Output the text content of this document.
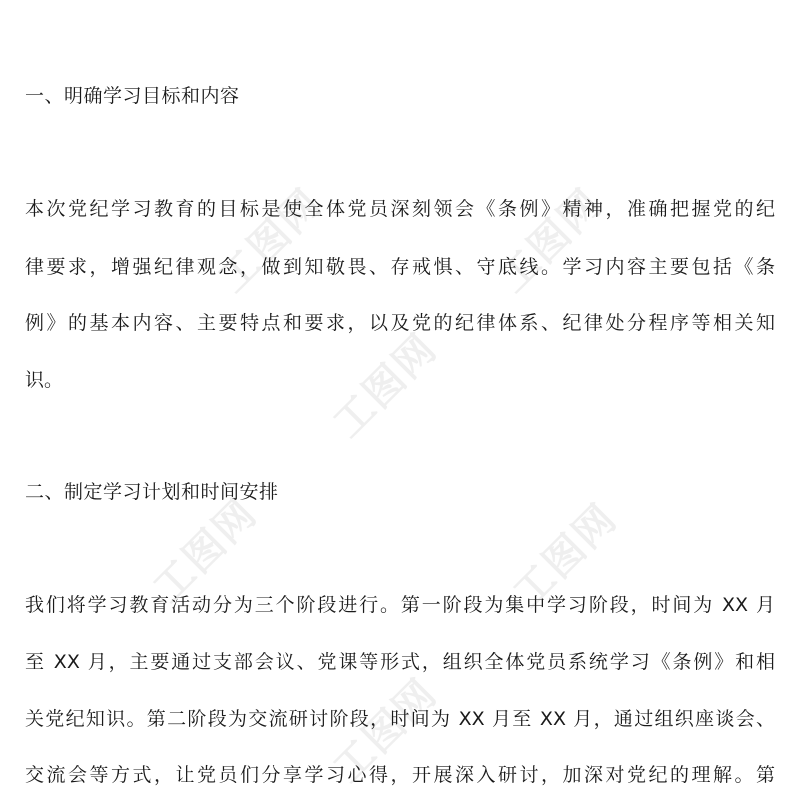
工图网	工图网
工图网
工图网	工图网
工图网
一、明确学习目标和内容
本次党纪学习教育的目标是使全体党员深刻领会《条例》精神，准确把握党的纪
律要求，增强纪律观念，做到知敬畏、存戒惧、守底线。学习内容主要包括《条
例》的基本内容、主要特点和要求，以及党的纪律体系、纪律处分程序等相关知
识。
二、制定学习计划和时间安排
我们将学习教育活动分为三个阶段进行。第一阶段为集中学习阶段，时间为 XX 月
至 XX 月，主要通过支部会议、党课等形式，组织全体党员系统学习《条例》和相
关党纪知识。第二阶段为交流研讨阶段，时间为 XX 月至 XX 月，通过组织座谈会、
交流会等方式，让党员们分享学习心得，开展深入研讨，加深对党纪的理解。第
